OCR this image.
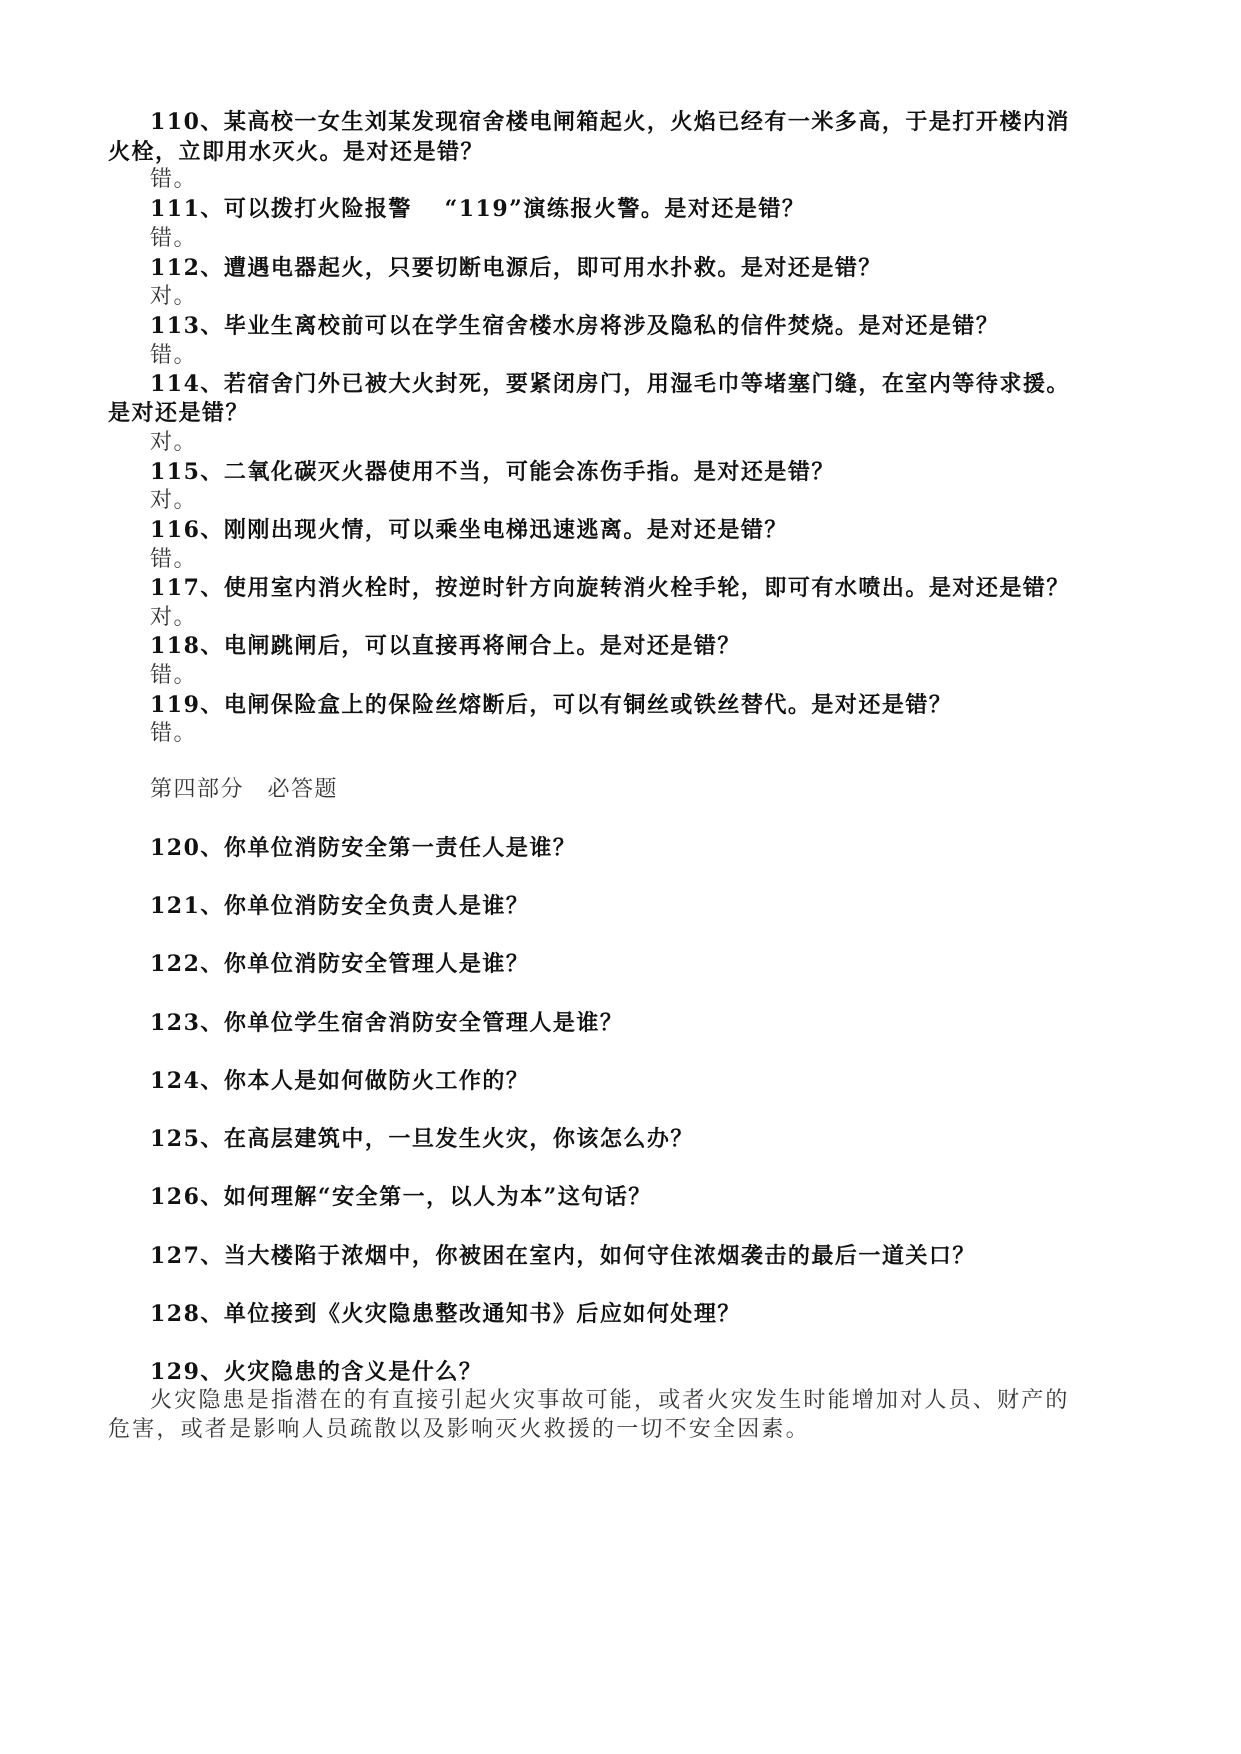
110、某高校一女生刘某发现宿舍楼电闸箱起火，火焰已经有一米多高，于是打开楼内消
火栓，立即用水灭火。是对还是错？
错。
111、可以拨打火险报警　 “119”演练报火警。是对还是错？
错。
112、遭遇电器起火，只要切断电源后，即可用水扑救。是对还是错？
对。
113、毕业生离校前可以在学生宿舍楼水房将涉及隐私的信件焚烧。是对还是错？
错。
114、若宿舍门外已被大火封死，要紧闭房门，用湿毛巾等堵塞门缝，在室内等待求援。
是对还是错？
对。
115、二氧化碳灭火器使用不当，可能会冻伤手指。是对还是错？
对。
116、刚刚出现火情，可以乘坐电梯迅速逃离。是对还是错？
错。
117、使用室内消火栓时，按逆时针方向旋转消火栓手轮，即可有水喷出。是对还是错？
对。
118、电闸跳闸后，可以直接再将闸合上。是对还是错？
错。
119、电闸保险盒上的保险丝熔断后，可以有铜丝或铁丝替代。是对还是错？
错。
第四部分　必答题
120、你单位消防安全第一责任人是谁？
121、你单位消防安全负责人是谁？
122、你单位消防安全管理人是谁？
123、你单位学生宿舍消防安全管理人是谁？
124、你本人是如何做防火工作的？
125、在高层建筑中，一旦发生火灾，你该怎么办？
126、如何理解“安全第一，以人为本”这句话？
127、当大楼陷于浓烟中，你被困在室内，如何守住浓烟袭击的最后一道关口？
128、单位接到《火灾隐患整改通知书》后应如何处理？
129、火灾隐患的含义是什么？
火灾隐患是指潜在的有直接引起火灾事故可能，或者火灾发生时能增加对人员、财产的
危害，或者是影响人员疏散以及影响灭火救援的一切不安全因素。
